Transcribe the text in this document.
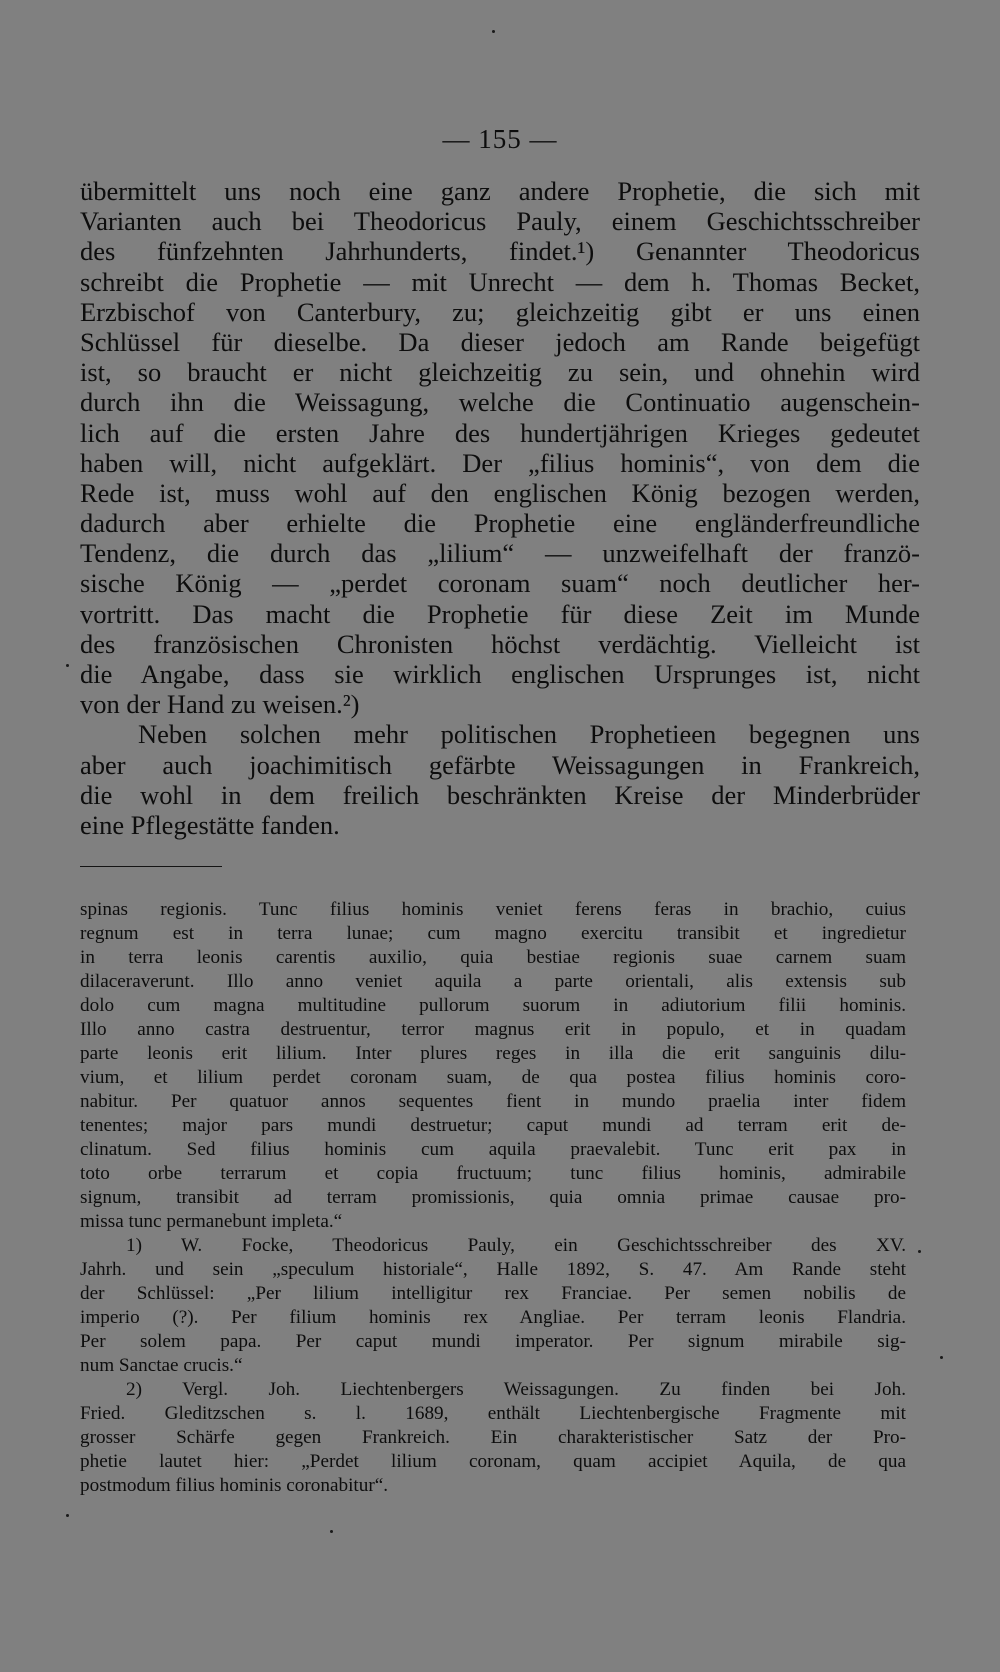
— 155 —
übermittelt uns noch eine ganz andere Prophetie, die sich mit
Varianten auch bei Theodoricus Pauly, einem Geschichtsschreiber
des fünfzehnten Jahrhunderts, findet.¹) Genannter Theodoricus
schreibt die Prophetie — mit Unrecht — dem h. Thomas Becket,
Erzbischof von Canterbury, zu; gleichzeitig gibt er uns einen
Schlüssel für dieselbe. Da dieser jedoch am Rande beigefügt
ist, so braucht er nicht gleichzeitig zu sein, und ohnehin wird
durch ihn die Weissagung, welche die Continuatio augenschein-
lich auf die ersten Jahre des hundertjährigen Krieges gedeutet
haben will, nicht aufgeklärt. Der „filius hominis“, von dem die
Rede ist, muss wohl auf den englischen König bezogen werden,
dadurch aber erhielte die Prophetie eine engländerfreundliche
Tendenz, die durch das „lilium“ — unzweifelhaft der franzö-
sische König — „perdet coronam suam“ noch deutlicher her-
vortritt. Das macht die Prophetie für diese Zeit im Munde
des französischen Chronisten höchst verdächtig. Vielleicht ist
die Angabe, dass sie wirklich englischen Ursprunges ist, nicht
von der Hand zu weisen.²)
Neben solchen mehr politischen Prophetieen begegnen uns
aber auch joachimitisch gefärbte Weissagungen in Frankreich,
die wohl in dem freilich beschränkten Kreise der Minderbrüder
eine Pflegestätte fanden.
spinas regionis. Tunc filius hominis veniet ferens feras in brachio, cuius
regnum est in terra lunae; cum magno exercitu transibit et ingredietur
in terra leonis carentis auxilio, quia bestiae regionis suae carnem suam
dilaceraverunt. Illo anno veniet aquila a parte orientali, alis extensis sub
dolo cum magna multitudine pullorum suorum in adiutorium filii hominis.
Illo anno castra destruentur, terror magnus erit in populo, et in quadam
parte leonis erit lilium. Inter plures reges in illa die erit sanguinis dilu-
vium, et lilium perdet coronam suam, de qua postea filius hominis coro-
nabitur. Per quatuor annos sequentes fient in mundo praelia inter fidem
tenentes; major pars mundi destruetur; caput mundi ad terram erit de-
clinatum. Sed filius hominis cum aquila praevalebit. Tunc erit pax in
toto orbe terrarum et copia fructuum; tunc filius hominis, admirabile
signum, transibit ad terram promissionis, quia omnia primae causae pro-
missa tunc permanebunt impleta.“
1) W. Focke, Theodoricus Pauly, ein Geschichtsschreiber des XV.
Jahrh. und sein „speculum historiale“, Halle 1892, S. 47. Am Rande steht
der Schlüssel: „Per lilium intelligitur rex Franciae. Per semen nobilis de
imperio (?). Per filium hominis rex Angliae. Per terram leonis Flandria.
Per solem papa. Per caput mundi imperator. Per signum mirabile sig-
num Sanctae crucis.“
2) Vergl. Joh. Liechtenbergers Weissagungen. Zu finden bei Joh.
Fried. Gleditzschen s. l. 1689, enthält Liechtenbergische Fragmente mit
grosser Schärfe gegen Frankreich. Ein charakteristischer Satz der Pro-
phetie lautet hier: „Perdet lilium coronam, quam accipiet Aquila, de qua
postmodum filius hominis coronabitur“.
